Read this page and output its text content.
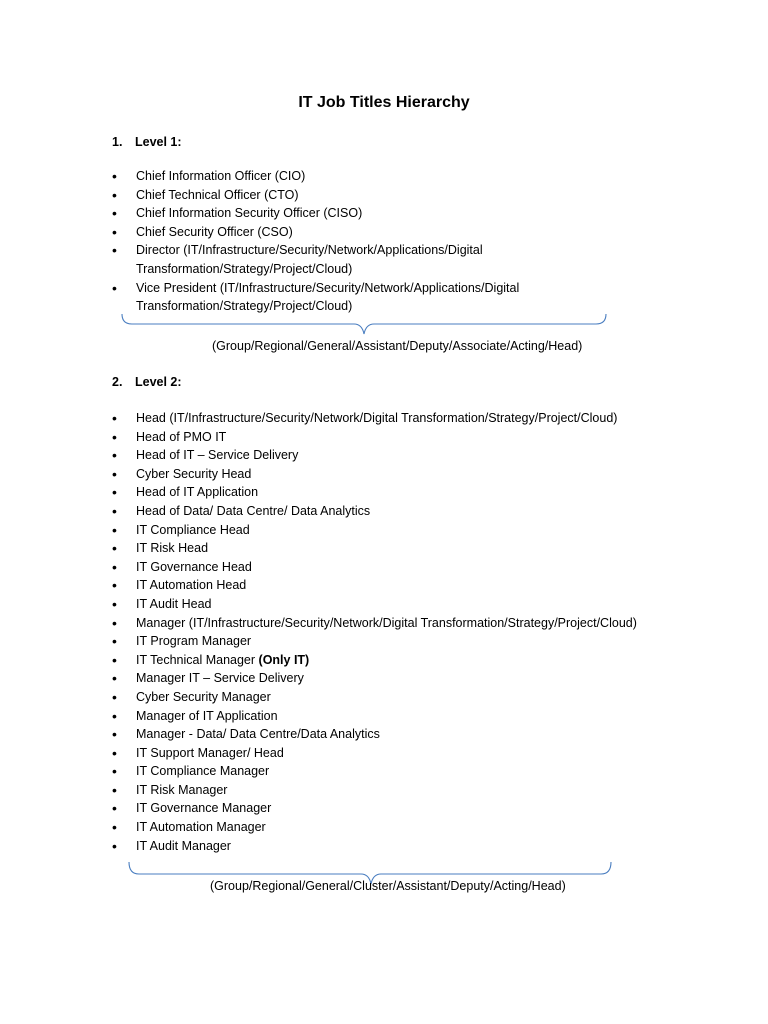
IT Job Titles Hierarchy
1. Level 1:
•	Chief Information Officer (CIO)
•	Chief Technical Officer (CTO)
•	Chief Information Security Officer (CISO)
•	Chief Security Officer (CSO)
•	Director (IT/Infrastructure/Security/Network/Applications/Digital Transformation/Strategy/Project/Cloud)
•	Vice President (IT/Infrastructure/Security/Network/Applications/Digital Transformation/Strategy/Project/Cloud)
(Group/Regional/General/Assistant/Deputy/Associate/Acting/Head)
2. Level 2:
•	Head (IT/Infrastructure/Security/Network/Digital Transformation/Strategy/Project/Cloud)
•	Head of PMO IT
•	Head of IT – Service Delivery
•	Cyber Security Head
•	Head of IT Application
•	Head of Data/ Data Centre/ Data Analytics
•	IT Compliance Head
•	IT Risk Head
•	IT Governance Head
•	IT Automation Head
•	IT Audit Head
•	Manager (IT/Infrastructure/Security/Network/Digital Transformation/Strategy/Project/Cloud)
•	IT Program Manager
•	IT Technical Manager (Only IT)
•	Manager IT – Service Delivery
•	Cyber Security Manager
•	Manager of IT Application
•	Manager - Data/ Data Centre/Data Analytics
•	IT Support Manager/ Head
•	IT Compliance Manager
•	IT Risk Manager
•	IT Governance Manager
•	IT Automation Manager
•	IT Audit Manager
(Group/Regional/General/Cluster/Assistant/Deputy/Acting/Head)
